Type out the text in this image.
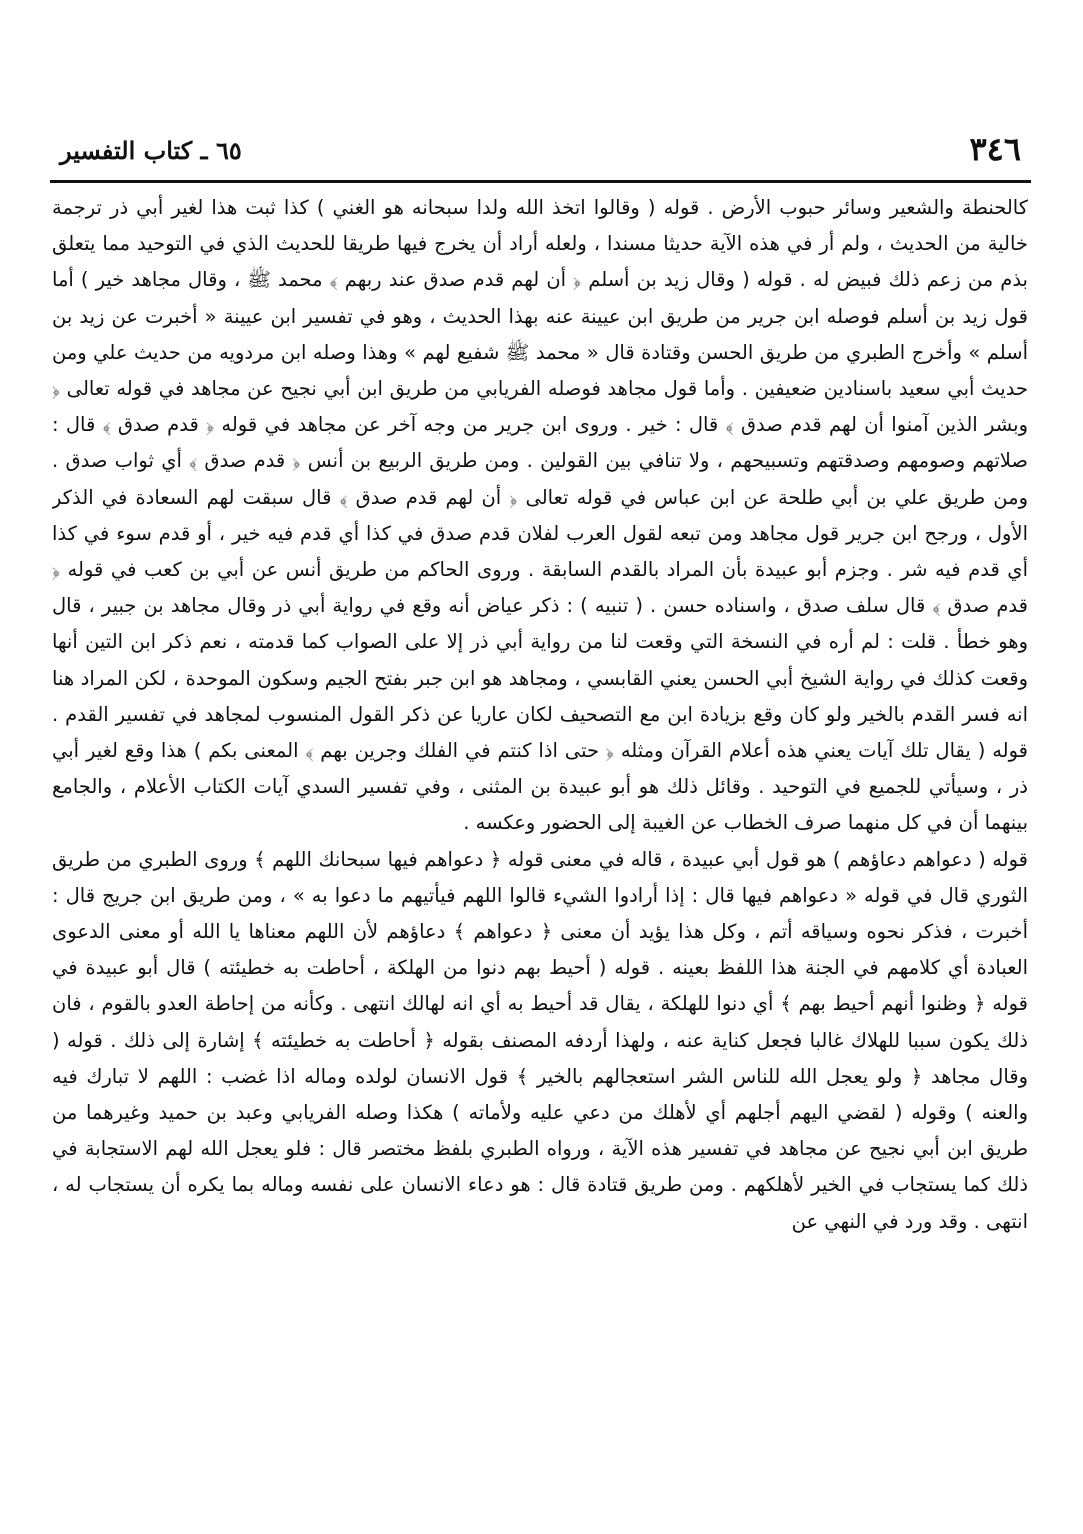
٣٤٦
٦٥ ـ كتاب التفسير

كالحنطة والشعير وسائر حبوب الأرض . قوله ( وقالوا اتخذ الله ولدا سبحانه هو الغني ) كذا ثبت هذا لغير أبي ذر ترجمة خالية من الحديث ، ولم أر في هذه الآية حديثا مسندا ، ولعله أراد أن يخرج فيها طريقا للحديث الذي في التوحيد مما يتعلق بذم من زعم ذلك فبيض له . قوله ( وقال زيد بن أسلم ﴿ أن لهم قدم صدق عند ربهم ﴾ محمد ﷺ ، وقال مجاهد خير ) أما قول زيد بن أسلم فوصله ابن جرير من طريق ابن عيينة عنه بهذا الحديث ، وهو في تفسير ابن عيينة « أخبرت عن زيد بن أسلم » وأخرج الطبري من طريق الحسن وقتادة قال « محمد ﷺ شفيع لهم » وهذا وصله ابن مردويه من حديث علي ومن حديث أبي سعيد باسنادين ضعيفين . وأما قول مجاهد فوصله الفريابي من طريق ابن أبي نجيح عن مجاهد في قوله تعالى ﴿ وبشر الذين آمنوا أن لهم قدم صدق ﴾ قال : خير . وروى ابن جرير من وجه آخر عن مجاهد في قوله ﴿ قدم صدق ﴾ قال : صلاتهم وصومهم وصدقتهم وتسبيحهم ، ولا تنافي بين القولين . ومن طريق الربيع بن أنس ﴿ قدم صدق ﴾ أي ثواب صدق . ومن طريق علي بن أبي طلحة عن ابن عباس في قوله تعالى ﴿ أن لهم قدم صدق ﴾ قال سبقت لهم السعادة في الذكر الأول ، ورجح ابن جرير قول مجاهد ومن تبعه لقول العرب لفلان قدم صدق في كذا أي قدم فيه خير ، أو قدم سوء في كذا أي قدم فيه شر . وجزم أبو عبيدة بأن المراد بالقدم السابقة . وروى الحاكم من طريق أنس عن أبي بن كعب في قوله ﴿ قدم صدق ﴾ قال سلف صدق ، واسناده حسن . ( تنبيه ) : ذكر عياض أنه وقع في رواية أبي ذر وقال مجاهد بن جبير ، قال وهو خطأ . قلت : لم أره في النسخة التي وقعت لنا من رواية أبي ذر إلا على الصواب كما قدمته ، نعم ذكر ابن التين أنها وقعت كذلك في رواية الشيخ أبي الحسن يعني القابسي ، ومجاهد هو ابن جبر بفتح الجيم وسكون الموحدة ، لكن المراد هنا انه فسر القدم بالخير ولو كان وقع بزيادة ابن مع التصحيف لكان عاريا عن ذكر القول المنسوب لمجاهد في تفسير القدم . قوله ( يقال تلك آيات يعني هذه أعلام القرآن ومثله ﴿ حتى اذا كنتم في الفلك وجرين بهم ﴾ المعنى بكم ) هذا وقع لغير أبي ذر ، وسيأتي للجميع في التوحيد . وقائل ذلك هو أبو عبيدة بن المثنى ، وفي تفسير السدي آيات الكتاب الأعلام ، والجامع بينهما أن في كل منهما صرف الخطاب عن الغيبة إلى الحضور وعكسه .

قوله ( دعواهم دعاؤهم ) هو قول أبي عبيدة ، قاله في معنى قوله ﴿ دعواهم فيها سبحانك اللهم ﴾ وروى الطبري من طريق الثوري قال في قوله « دعواهم فيها قال : إذا أرادوا الشيء قالوا اللهم فيأتيهم ما دعوا به » ، ومن طريق ابن جريج قال : أخبرت ، فذكر نحوه وسياقه أتم ، وكل هذا يؤيد أن معنى ﴿ دعواهم ﴾ دعاؤهم لأن اللهم معناها يا الله أو معنى الدعوى العبادة أي كلامهم في الجنة هذا اللفظ بعينه . قوله ( أحيط بهم دنوا من الهلكة ، أحاطت به خطيئته ) قال أبو عبيدة في قوله ﴿ وظنوا أنهم أحيط بهم ﴾ أي دنوا للهلكة ، يقال قد أحيط به أي انه لهالك انتهى . وكأنه من إحاطة العدو بالقوم ، فان ذلك يكون سببا للهلاك غالبا فجعل كناية عنه ، ولهذا أردفه المصنف بقوله ﴿ أحاطت به خطيئته ﴾ إشارة إلى ذلك . قوله ( وقال مجاهد ﴿ ولو يعجل الله للناس الشر استعجالهم بالخير ﴾ قول الانسان لولده وماله اذا غضب : اللهم لا تبارك فيه والعنه ) وقوله ( لقضي اليهم أجلهم أي لأهلك من دعي عليه ولأماته ) هكذا وصله الفريابي وعبد بن حميد وغيرهما من طريق ابن أبي نجيح عن مجاهد في تفسير هذه الآية ، ورواه الطبري بلفظ مختصر قال : فلو يعجل الله لهم الاستجابة في ذلك كما يستجاب في الخير لأهلكهم . ومن طريق قتادة قال : هو دعاء الانسان على نفسه وماله بما يكره أن يستجاب له ، انتهى . وقد ورد في النهي عن
